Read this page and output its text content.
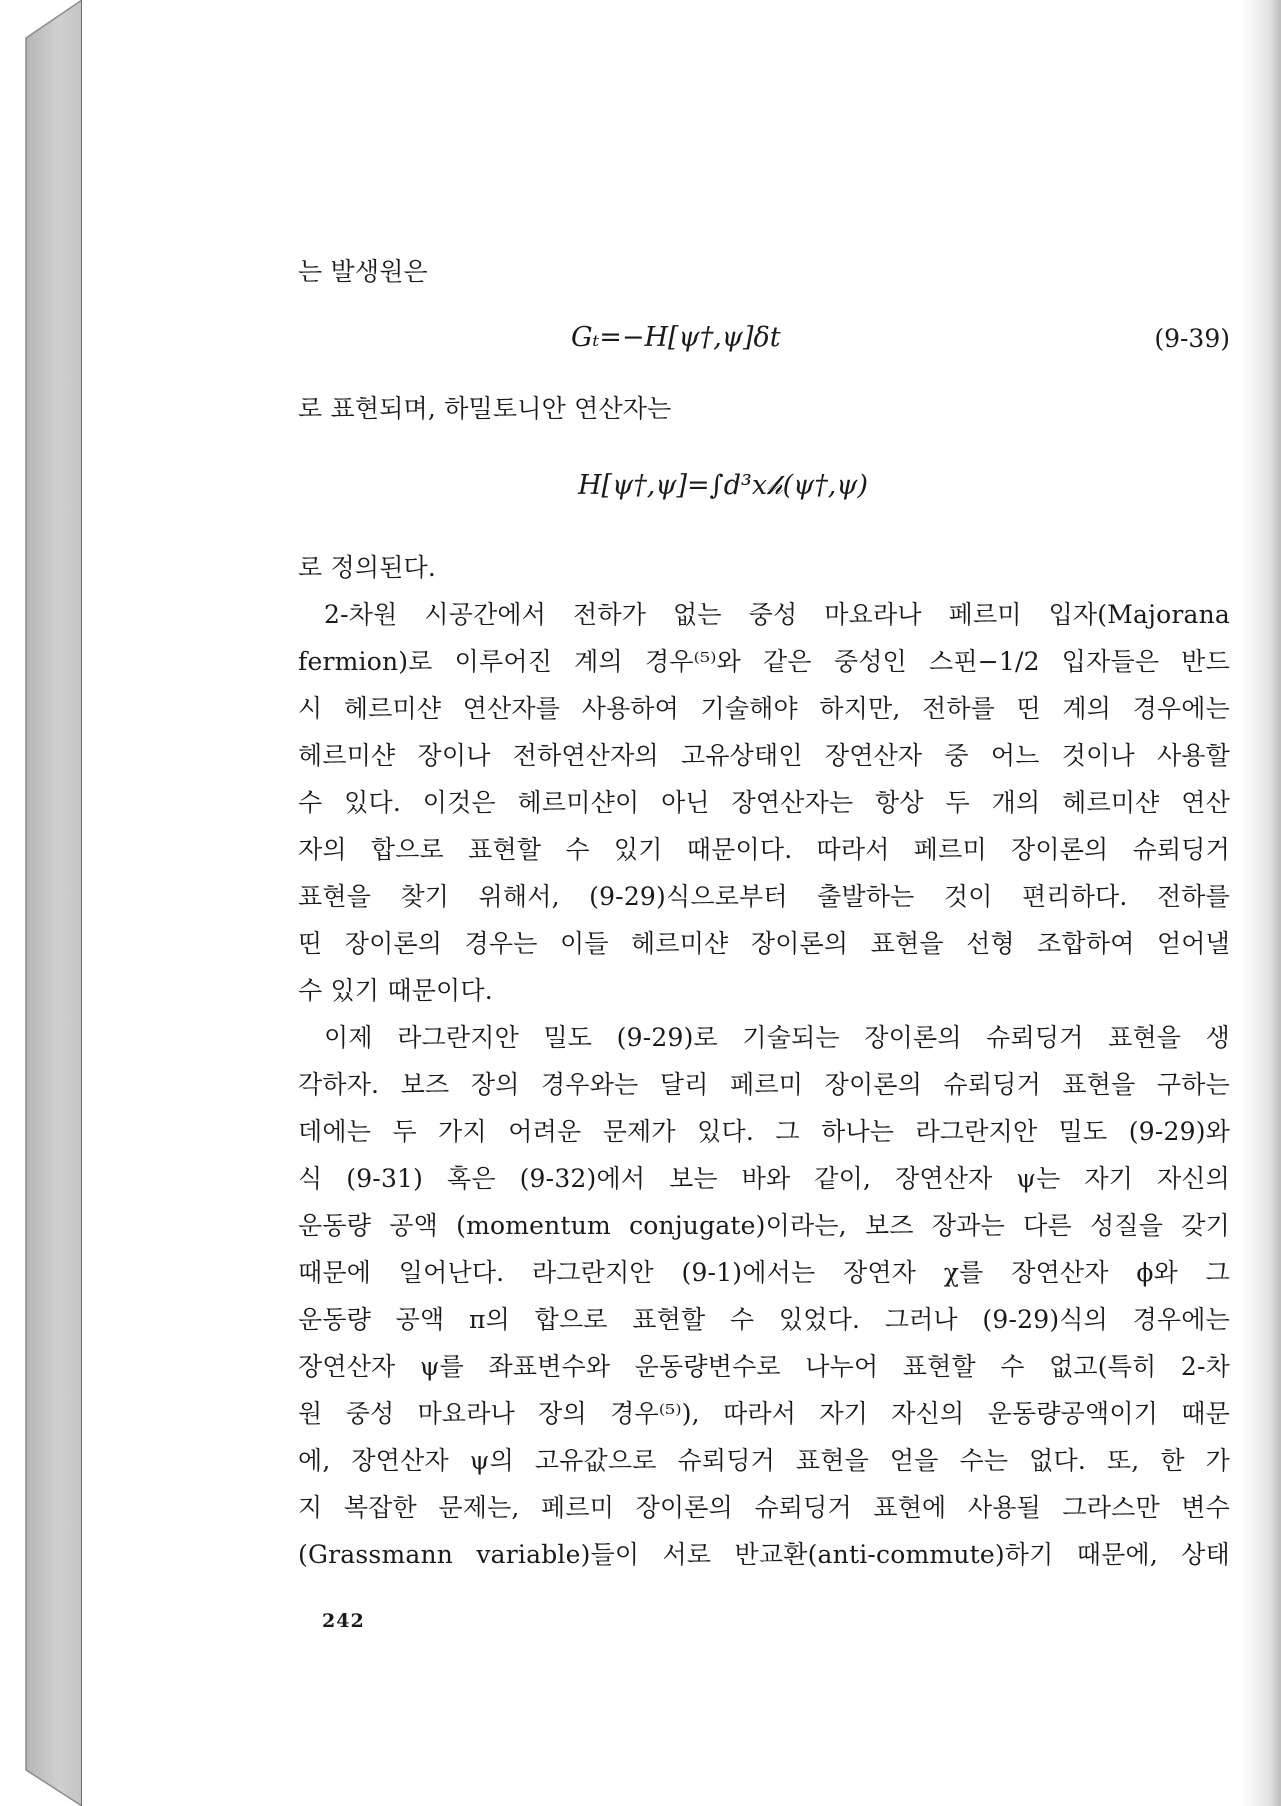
는 발생원은
Gₜ=−H[ψ†,ψ]δt	(9-39)
로 표현되며, 하밀토니안 연산자는
H[ψ†,ψ]=∫d³x𝒽(ψ†,ψ)
로 정의된다.
2-차원 시공간에서 전하가 없는 중성 마요라나 페르미 입자(Majorana
fermion)로 이루어진 계의 경우⁽⁵⁾와 같은 중성인 스핀−1/2 입자들은 반드
시 헤르미샨 연산자를 사용하여 기술해야 하지만, 전하를 띤 계의 경우에는
헤르미샨 장이나 전하연산자의 고유상태인 장연산자 중 어느 것이나 사용할
수 있다. 이것은 헤르미샨이 아닌 장연산자는 항상 두 개의 헤르미샨 연산
자의 합으로 표현할 수 있기 때문이다. 따라서 페르미 장이론의 슈뢰딩거
표현을 찾기 위해서, (9-29)식으로부터 출발하는 것이 편리하다. 전하를
띤 장이론의 경우는 이들 헤르미샨 장이론의 표현을 선형 조합하여 얻어낼
수 있기 때문이다.
이제 라그란지안 밀도 (9-29)로 기술되는 장이론의 슈뢰딩거 표현을 생
각하자. 보즈 장의 경우와는 달리 페르미 장이론의 슈뢰딩거 표현을 구하는
데에는 두 가지 어려운 문제가 있다. 그 하나는 라그란지안 밀도 (9-29)와
식 (9-31) 혹은 (9-32)에서 보는 바와 같이, 장연산자 ψ는 자기 자신의
운동량 공액 (momentum conjugate)이라는, 보즈 장과는 다른 성질을 갖기
때문에 일어난다. 라그란지안 (9-1)에서는 장연자 χ를 장연산자 ϕ와 그
운동량 공액 π의 합으로 표현할 수 있었다. 그러나 (9-29)식의 경우에는
장연산자 ψ를 좌표변수와 운동량변수로 나누어 표현할 수 없고(특히 2-차
원 중성 마요라나 장의 경우⁽⁵⁾), 따라서 자기 자신의 운동량공액이기 때문
에, 장연산자 ψ의 고유값으로 슈뢰딩거 표현을 얻을 수는 없다. 또, 한 가
지 복잡한 문제는, 페르미 장이론의 슈뢰딩거 표현에 사용될 그라스만 변수
(Grassmann variable)들이 서로 반교환(anti-commute)하기 때문에, 상태
242
